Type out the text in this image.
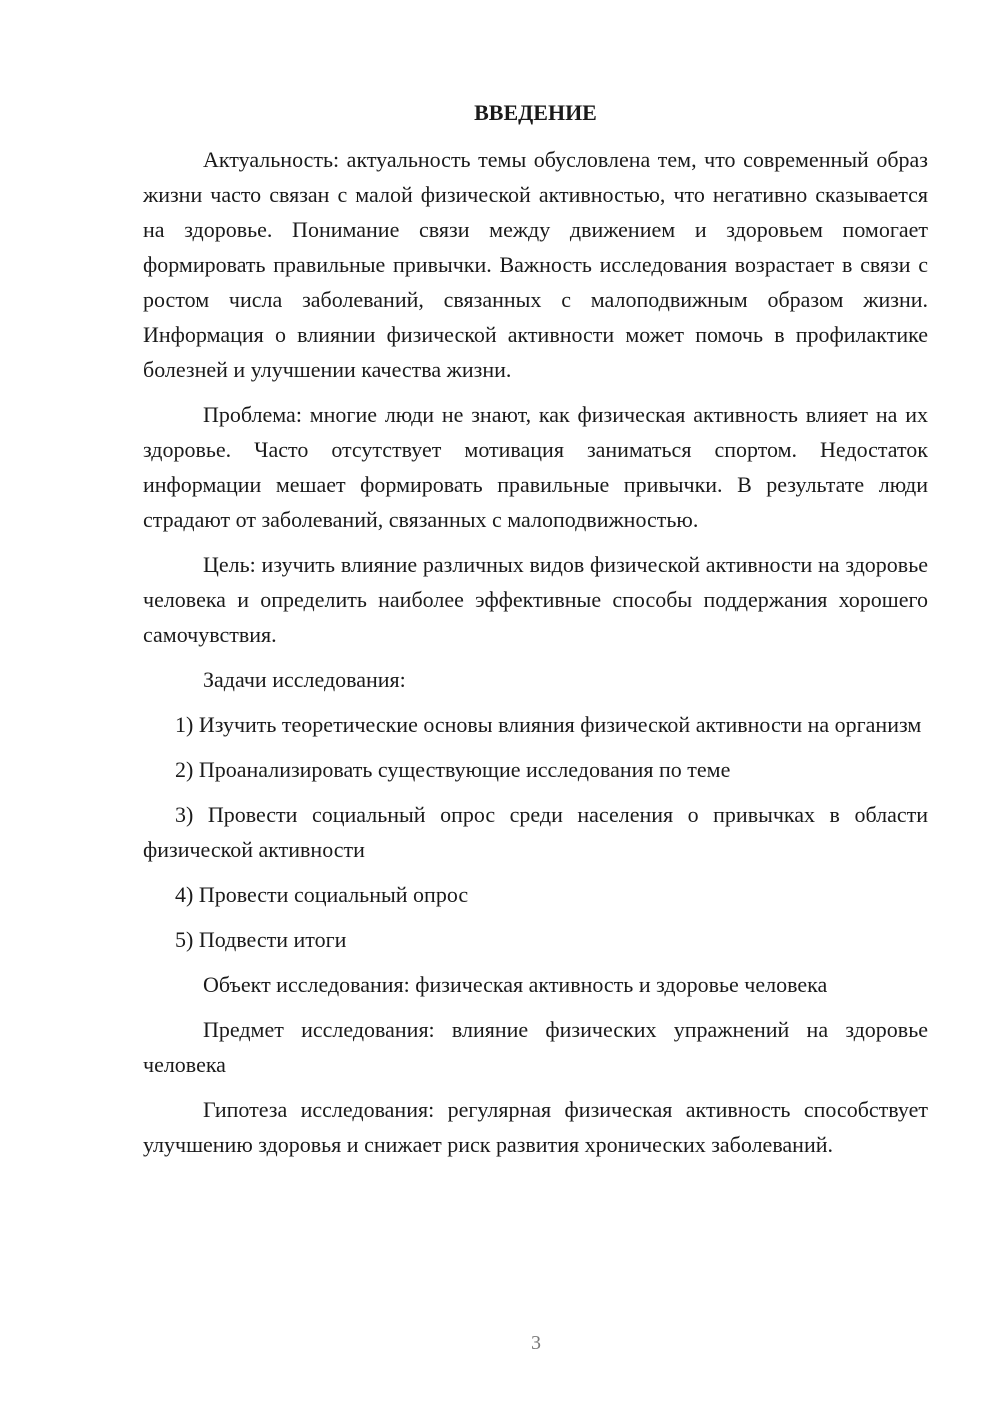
ВВЕДЕНИЕ

Актуальность: актуальность темы обусловлена тем, что современный образ жизни часто связан с малой физической активностью, что негативно сказывается на здоровье. Понимание связи между движением и здоровьем помогает формировать правильные привычки. Важность исследования возрастает в связи с ростом числа заболеваний, связанных с малоподвижным образом жизни. Информация о влиянии физической активности может помочь в профилактике болезней и улучшении качества жизни.

Проблема: многие люди не знают, как физическая активность влияет на их здоровье. Часто отсутствует мотивация заниматься спортом. Недостаток информации мешает формировать правильные привычки. В результате люди страдают от заболеваний, связанных с малоподвижностью.

Цель: изучить влияние различных видов физической активности на здоровье человека и определить наиболее эффективные способы поддержания хорошего самочувствия.

Задачи исследования:

1) Изучить теоретические основы влияния физической активности на организм

2) Проанализировать существующие исследования по теме

3) Провести социальный опрос среди населения о привычках в области физической активности

4) Провести социальный опрос

5) Подвести итоги

Объект исследования: физическая активность и здоровье человека

Предмет исследования: влияние физических упражнений на здоровье человека

Гипотеза исследования: регулярная физическая активность способствует улучшению здоровья и снижает риск развития хронических заболеваний.

3
